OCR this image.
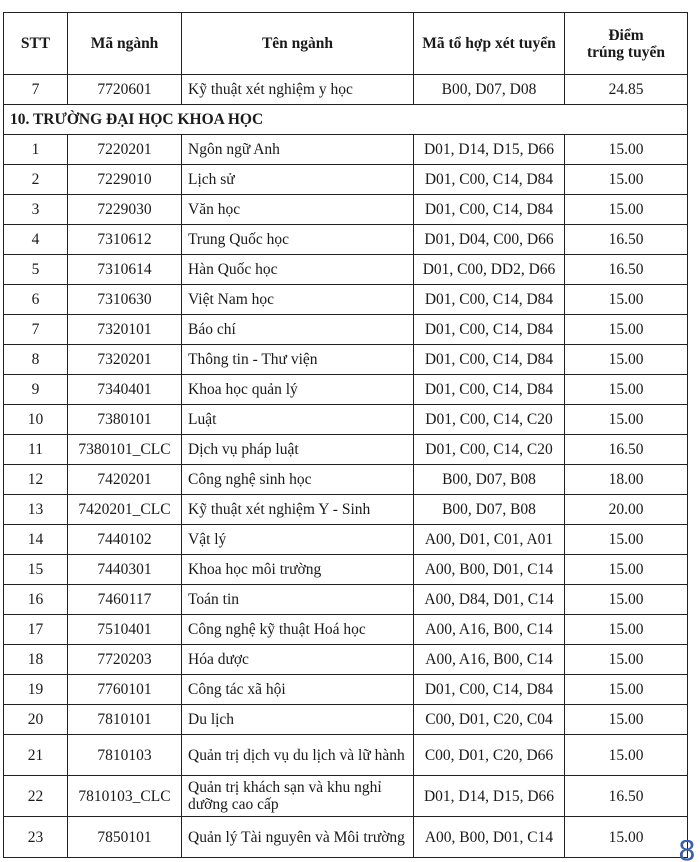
STT	Mã ngành	Tên ngành	Mã tổ hợp xét tuyển	Điểm
trúng tuyển
7	7720601	Kỹ thuật xét nghiệm y học	B00, D07, D08	24.85
10. TRƯỜNG ĐẠI HỌC KHOA HỌC				
1	7220201	Ngôn ngữ Anh	D01, D14, D15, D66	15.00
2	7229010	Lịch sử	D01, C00, C14, D84	15.00
3	7229030	Văn học	D01, C00, C14, D84	15.00
4	7310612	Trung Quốc học	D01, D04, C00, D66	16.50
5	7310614	Hàn Quốc học	D01, C00, DD2, D66	16.50
6	7310630	Việt Nam học	D01, C00, C14, D84	15.00
7	7320101	Báo chí	D01, C00, C14, D84	15.00
8	7320201	Thông tin - Thư viện	D01, C00, C14, D84	15.00
9	7340401	Khoa học quản lý	D01, C00, C14, D84	15.00
10	7380101	Luật	D01, C00, C14, C20	15.00
11	7380101_CLC	Dịch vụ pháp luật	D01, C00, C14, C20	16.50
12	7420201	Công nghệ sinh học	B00, D07, B08	18.00
13	7420201_CLC	Kỹ thuật xét nghiệm Y - Sinh	B00, D07, B08	20.00
14	7440102	Vật lý	A00, D01, C01, A01	15.00
15	7440301	Khoa học môi trường	A00, B00, D01, C14	15.00
16	7460117	Toán tin	A00, D84, D01, C14	15.00
17	7510401	Công nghệ kỹ thuật Hoá học	A00, A16, B00, C14	15.00
18	7720203	Hóa dược	A00, A16, B00, C14	15.00
19	7760101	Công tác xã hội	D01, C00, C14, D84	15.00
20	7810101	Du lịch	C00, D01, C20, C04	15.00
21	7810103	Quản trị dịch vụ du lịch và lữ hành	C00, D01, C20, D66	15.00
22	7810103_CLC	Quản trị khách sạn và khu nghỉ dưỡng cao cấp	D01, D14, D15, D66	16.50
23	7850101	Quản lý Tài nguyên và Môi trường	A00, B00, D01, C14	15.00 8
